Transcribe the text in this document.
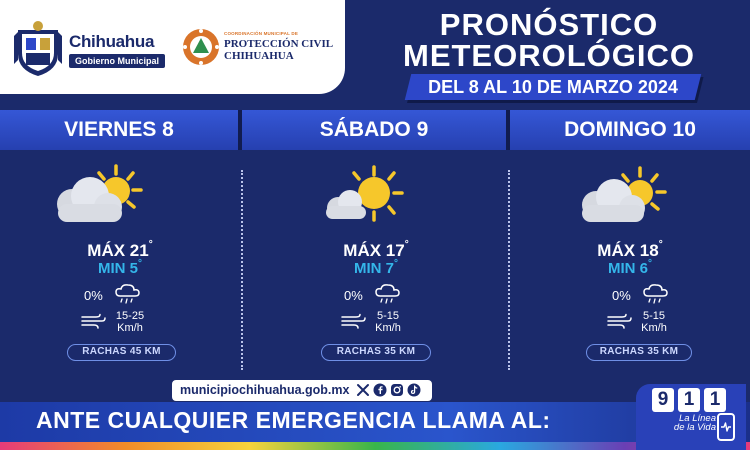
Chihuahua
Gobierno Municipal
COORDINACIÓN MUNICIPAL DE
PROTECCIÓN CIVIL
CHIHUAHUA
PRONÓSTICO
METEOROLÓGICO
DEL 8 AL 10 DE MARZO 2024
VIERNES 8	SÁBADO 9	DOMINGO 10
MÁX 21°
MIN 5°
0%
15-25
Km/h
RACHAS 45 KM
MÁX 17°
MIN 7°
0%
5-15
Km/h
RACHAS 35 KM
MÁX 18°
MIN 6°
0%
5-15
Km/h
RACHAS 35 KM
municipiochihuahua.gob.mx
ANTE CUALQUIER EMERGENCIA LLAMA AL:
9 1 1
La Línea
de la Vida
